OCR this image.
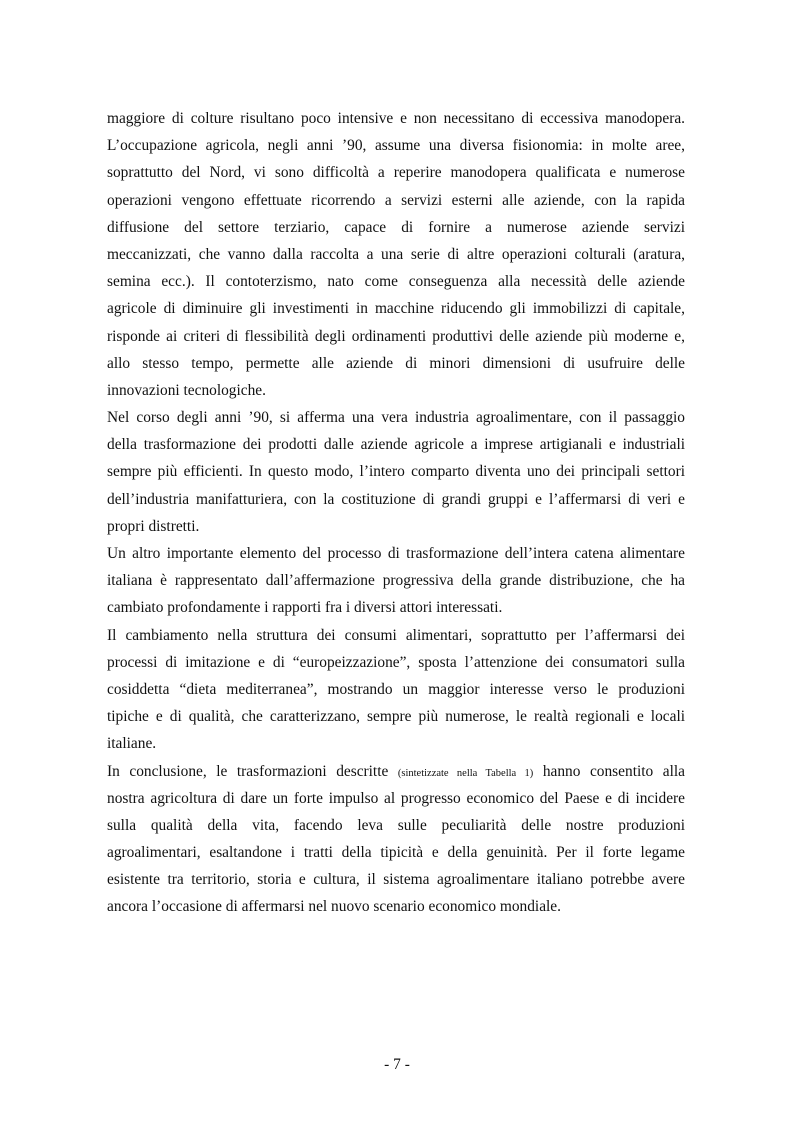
maggiore di colture risultano poco intensive e non necessitano di eccessiva manodopera.
L’occupazione agricola, negli anni ’90, assume una diversa fisionomia: in molte aree,
soprattutto del Nord, vi sono difficoltà a reperire manodopera qualificata e numerose
operazioni vengono effettuate ricorrendo a servizi esterni alle aziende, con la rapida
diffusione del settore terziario, capace di fornire a numerose aziende servizi
meccanizzati, che vanno dalla raccolta a una serie di altre operazioni colturali (aratura,
semina ecc.). Il contoterzismo, nato come conseguenza alla necessità delle aziende
agricole di diminuire gli investimenti in macchine riducendo gli immobilizzi di capitale,
risponde ai criteri di flessibilità degli ordinamenti produttivi delle aziende più moderne e,
allo stesso tempo, permette alle aziende di minori dimensioni di usufruire delle
innovazioni tecnologiche.
Nel corso degli anni ’90, si afferma una vera industria agroalimentare, con il passaggio
della trasformazione dei prodotti dalle aziende agricole a imprese artigianali e industriali
sempre più efficienti. In questo modo, l’intero comparto diventa uno dei principali settori
dell’industria manifatturiera, con la costituzione di grandi gruppi e l’affermarsi di veri e
propri distretti.
Un altro importante elemento del processo di trasformazione dell’intera catena alimentare
italiana è rappresentato dall’affermazione progressiva della grande distribuzione, che ha
cambiato profondamente i rapporti fra i diversi attori interessati.
Il cambiamento nella struttura dei consumi alimentari, soprattutto per l’affermarsi dei
processi di imitazione e di “europeizzazione”, sposta l’attenzione dei consumatori sulla
cosiddetta “dieta mediterranea”, mostrando un maggior interesse verso le produzioni
tipiche e di qualità, che caratterizzano, sempre più numerose, le realtà regionali e locali
italiane.
In conclusione, le trasformazioni descritte (sintetizzate nella Tabella 1) hanno consentito alla
nostra agricoltura di dare un forte impulso al progresso economico del Paese e di incidere
sulla qualità della vita, facendo leva sulle peculiarità delle nostre produzioni
agroalimentari, esaltandone i tratti della tipicità e della genuinità. Per il forte legame
esistente tra territorio, storia e cultura, il sistema agroalimentare italiano potrebbe avere
ancora l’occasione di affermarsi nel nuovo scenario economico mondiale.
- 7 -
